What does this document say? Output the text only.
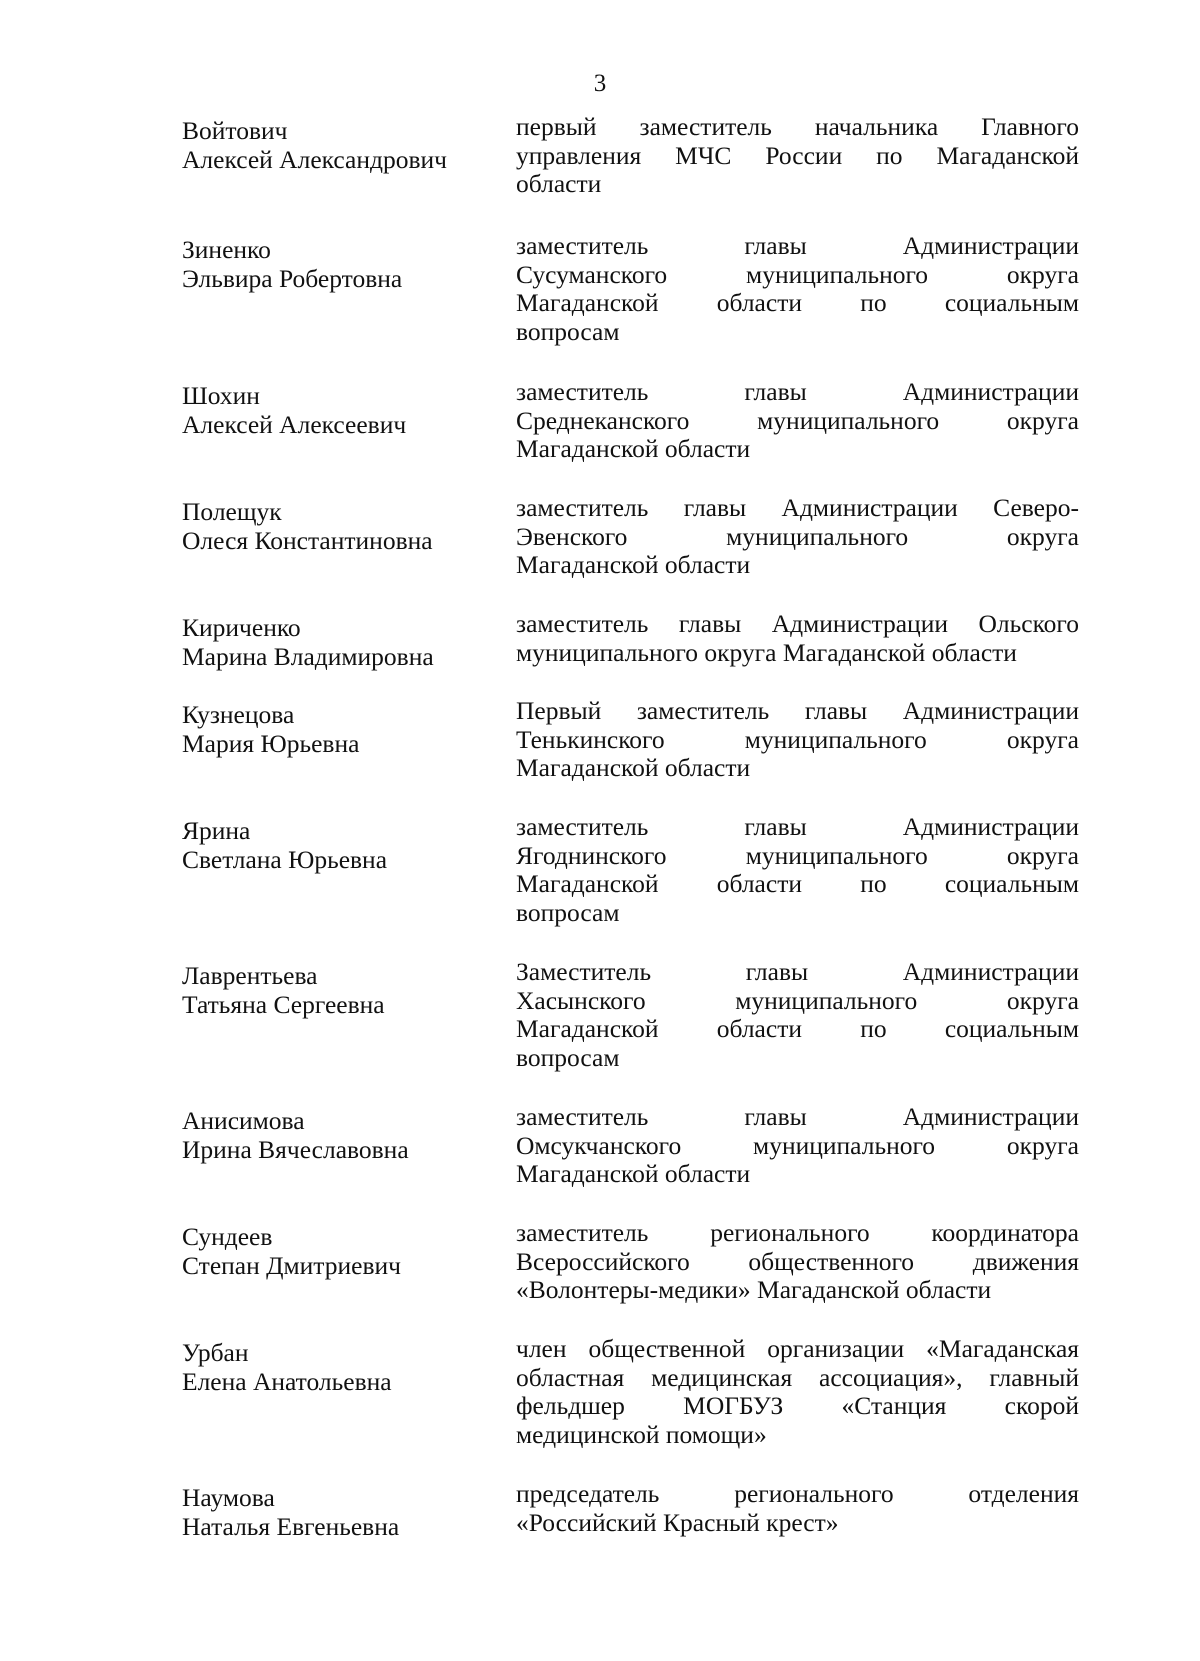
3
Войтович
Алексей Александрович
первый заместитель начальника Главного
управления МЧС России по Магаданской
области
Зиненко
Эльвира Робертовна
заместитель главы Администрации
Сусуманского муниципального округа
Магаданской области по социальным
вопросам
Шохин
Алексей Алексеевич
заместитель главы Администрации
Среднеканского муниципального округа
Магаданской области
Полещук
Олеся Константиновна
заместитель главы Администрации Северо-
Эвенского муниципального округа
Магаданской области
Кириченко
Марина Владимировна
заместитель главы Администрации Ольского
муниципального округа Магаданской области
Кузнецова
Мария Юрьевна
Первый заместитель главы Администрации
Тенькинского муниципального округа
Магаданской области
Ярина
Светлана Юрьевна
заместитель главы Администрации
Ягоднинского муниципального округа
Магаданской области по социальным
вопросам
Лаврентьева
Татьяна Сергеевна
Заместитель главы Администрации
Хасынского муниципального округа
Магаданской области по социальным
вопросам
Анисимова
Ирина Вячеславовна
заместитель главы Администрации
Омсукчанского муниципального округа
Магаданской области
Сундеев
Степан Дмитриевич
заместитель регионального координатора
Всероссийского общественного движения
«Волонтеры-медики» Магаданской области
Урбан
Елена Анатольевна
член общественной организации «Магаданская
областная медицинская ассоциация», главный
фельдшер МОГБУЗ «Станция скорой
медицинской помощи»
Наумова
Наталья Евгеньевна
председатель регионального отделения
«Российский Красный крест»
